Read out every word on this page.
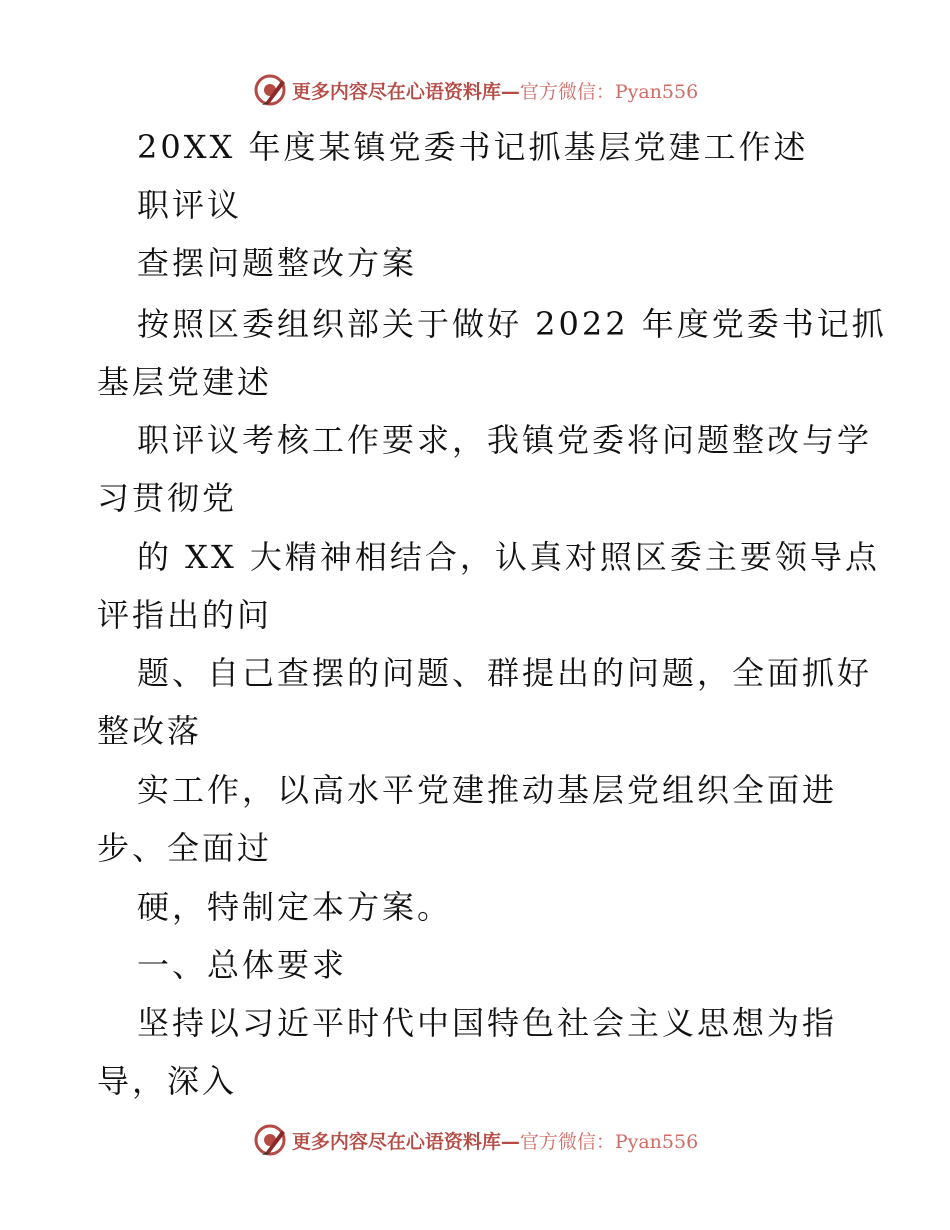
更多内容尽在心语资料库—官方微信：Pyan556
20XX 年度某镇党委书记抓基层党建工作述
职评议
查摆问题整改方案
按照区委组织部关于做好 2022 年度党委书记抓
基层党建述
职评议考核工作要求，我镇党委将问题整改与学
习贯彻党
的 XX 大精神相结合，认真对照区委主要领导点
评指出的问
题、自己查摆的问题、群提出的问题，全面抓好
整改落
实工作，以高水平党建推动基层党组织全面进
步、全面过
硬，特制定本方案。
一、总体要求
坚持以习近平时代中国特色社会主义思想为指
导，深入
更多内容尽在心语资料库—官方微信：Pyan556
